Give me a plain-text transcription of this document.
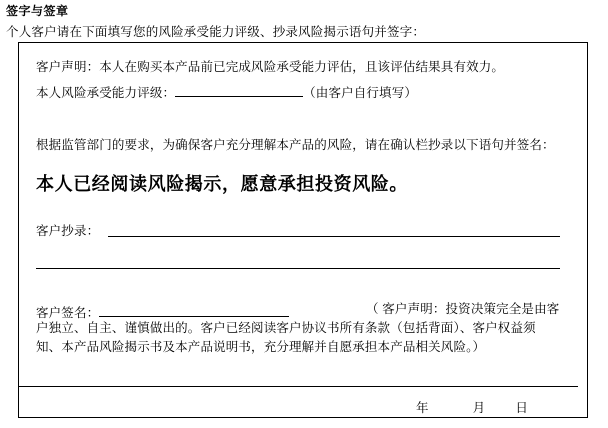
签字与签章
个人客户请在下面填写您的风险承受能力评级、抄录风险揭示语句并签字：
客户声明：本人在购买本产品前已完成风险承受能力评估，且该评估结果具有效力。
本人风险承受能力评级：	（由客户自行填写）
根据监管部门的要求，为确保客户充分理解本产品的风险，请在确认栏抄录以下语句并签名：
本人已经阅读风险揭示，愿意承担投资风险。
客户抄录：
客户签名：	（ 客户声明：投资决策完全是由客户独立、自主、谨慎做出的。客户已经阅读客户协议书所有条款（包括背面）、客户权益须知、本产品风险揭示书及本产品说明书，充分理解并自愿承担本产品相关风险。）
年	月 日
